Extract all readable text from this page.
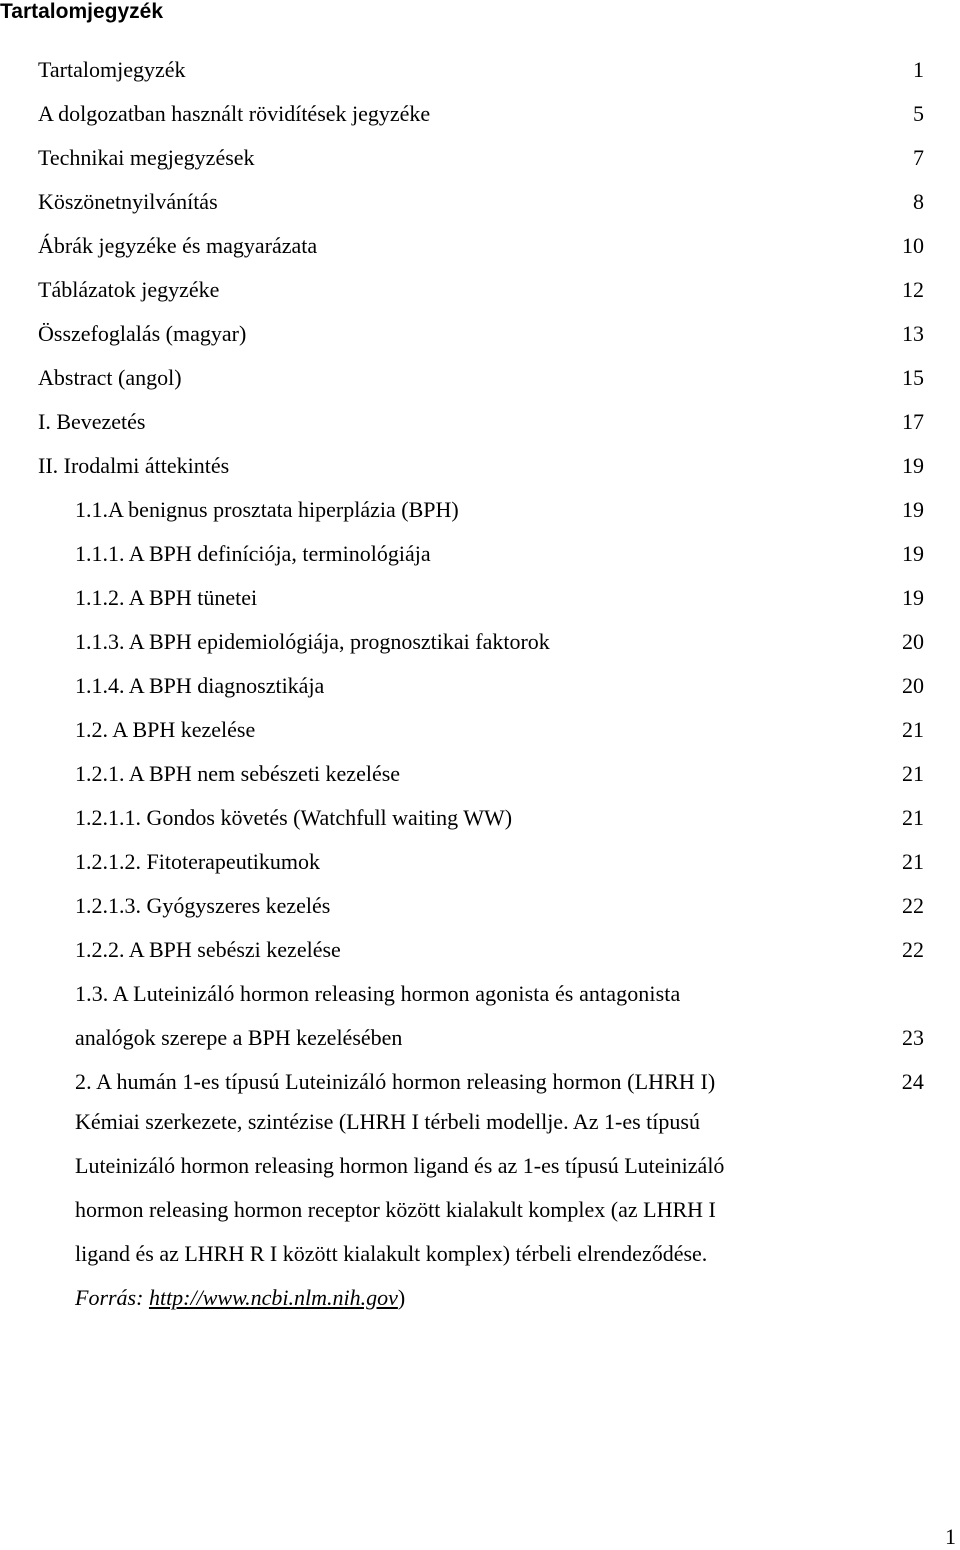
Tartalomjegyzék
Tartalomjegyzék	1
A dolgozatban használt rövidítések jegyzéke	5
Technikai megjegyzések	7
Köszönetnyilvánítás	8
Ábrák jegyzéke és magyarázata	10
Táblázatok jegyzéke	12
Összefoglalás (magyar)	13
Abstract (angol)	15
I. Bevezetés	17
II. Irodalmi áttekintés	19
1.1.A benignus prosztata hiperplázia (BPH)	19
1.1.1. A BPH definíciója, terminológiája	19
1.1.2. A BPH tünetei	19
1.1.3. A BPH epidemiológiája, prognosztikai faktorok	20
1.1.4. A BPH diagnosztikája	20
1.2. A BPH kezelése	21
1.2.1. A BPH nem sebészeti kezelése	21
1.2.1.1. Gondos követés (Watchfull waiting WW)	21
1.2.1.2. Fitoterapeutikumok	21
1.2.1.3. Gyógyszeres kezelés	22
1.2.2. A BPH sebészi kezelése	22
1.3. A Luteinizáló hormon releasing hormon agonista és antagonista
analógok szerepe a BPH kezelésében	23
2. A humán 1-es típusú Luteinizáló hormon releasing hormon (LHRH I)	24
Kémiai szerkezete, szintézise (LHRH I térbeli modellje. Az 1-es típusú
Luteinizáló hormon releasing hormon ligand és az 1-es típusú Luteinizáló
hormon releasing hormon receptor között kialakult komplex (az LHRH I
ligand és az LHRH R I között kialakult komplex) térbeli elrendeződése.
Forrás: http://www.ncbi.nlm.nih.gov)
1
